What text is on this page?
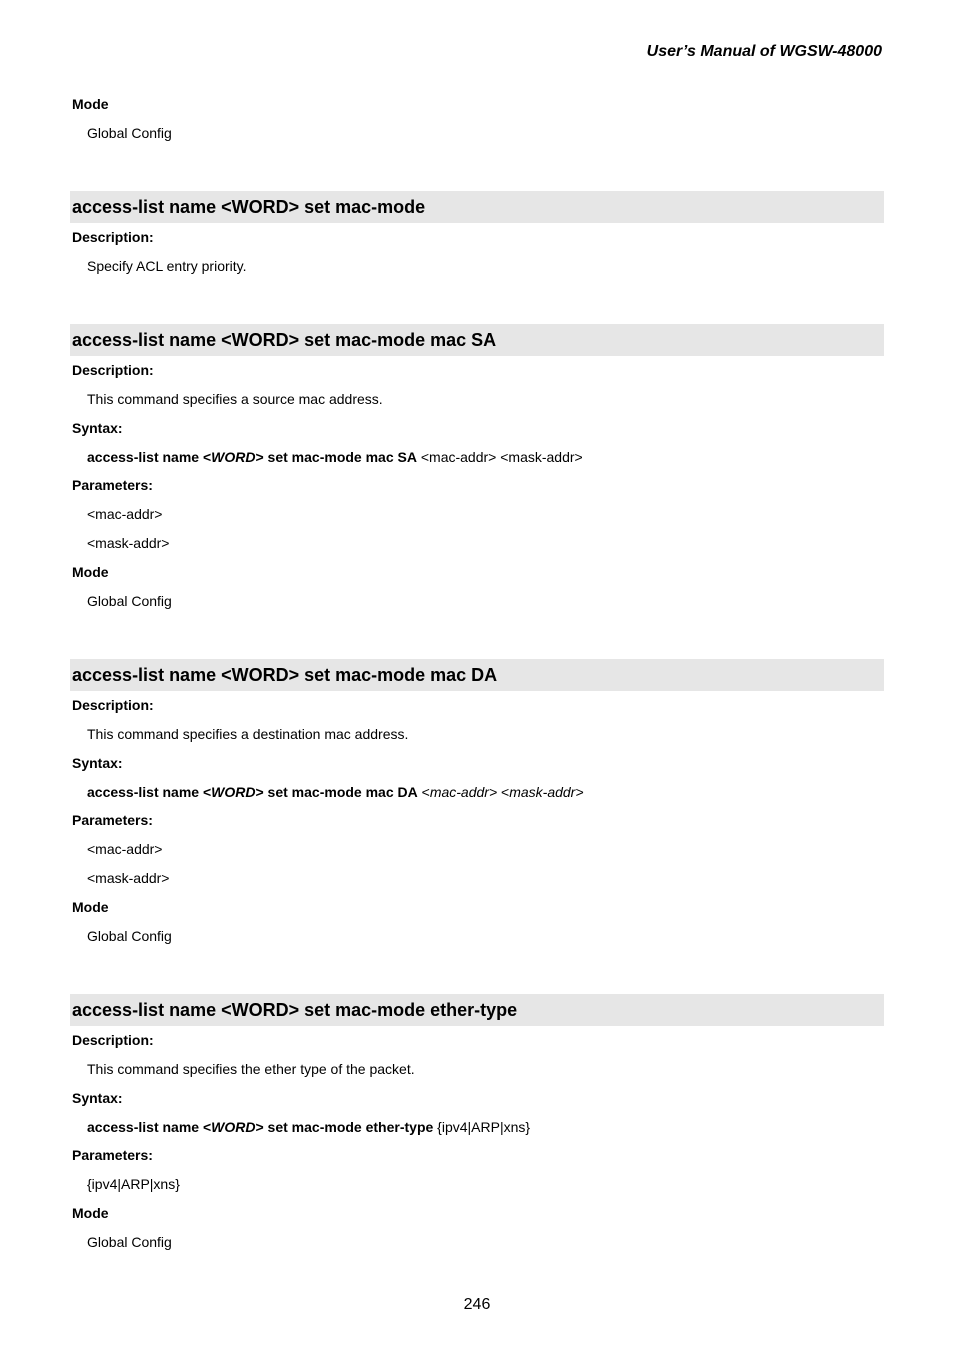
User’s Manual of WGSW-48000
Mode
Global Config
access-list name <WORD> set mac-mode
Description:
Specify ACL entry priority.
access-list name <WORD> set mac-mode mac SA
Description:
This command specifies a source mac address.
Syntax:
access-list name <WORD> set mac-mode mac SA <mac-addr> <mask-addr>
Parameters:
<mac-addr>
<mask-addr>
Mode
Global Config
access-list name <WORD> set mac-mode mac DA
Description:
This command specifies a destination mac address.
Syntax:
access-list name <WORD> set mac-mode mac DA <mac-addr> <mask-addr>
Parameters:
<mac-addr>
<mask-addr>
Mode
Global Config
access-list name <WORD> set mac-mode ether-type
Description:
This command specifies the ether type of the packet.
Syntax:
access-list name <WORD> set mac-mode ether-type {ipv4|ARP|xns}
Parameters:
{ipv4|ARP|xns}
Mode
Global Config
246
